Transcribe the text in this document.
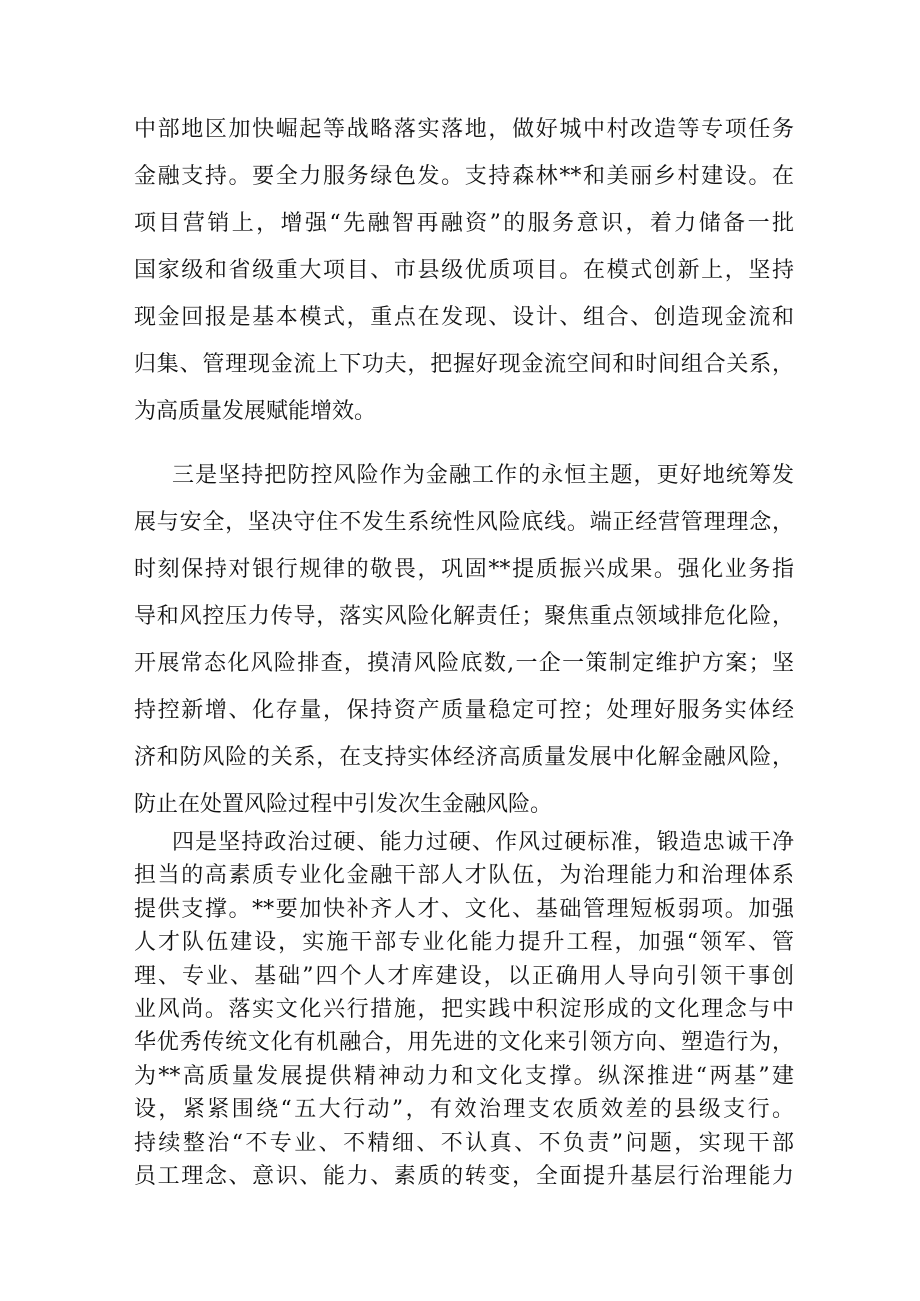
中部地区加快崛起等战略落实落地，做好城中村改造等专项任务
金融支持。要全力服务绿色发。支持森林**和美丽乡村建设。在
项目营销上，增强“先融智再融资”的服务意识，着力储备一批
国家级和省级重大项目、市县级优质项目。在模式创新上，坚持
现金回报是基本模式，重点在发现、设计、组合、创造现金流和
归集、管理现金流上下功夫，把握好现金流空间和时间组合关系，
为高质量发展赋能增效。
三是坚持把防控风险作为金融工作的永恒主题，更好地统筹发
展与安全，坚决守住不发生系统性风险底线。端正经营管理理念，
时刻保持对银行规律的敬畏，巩固**提质振兴成果。强化业务指
导和风控压力传导，落实风险化解责任；聚焦重点领域排危化险，
开展常态化风险排查，摸清风险底数,一企一策制定维护方案；坚
持控新增、化存量，保持资产质量稳定可控；处理好服务实体经
济和防风险的关系，在支持实体经济高质量发展中化解金融风险，
防止在处置风险过程中引发次生金融风险。
四是坚持政治过硬、能力过硬、作风过硬标准，锻造忠诚干净
担当的高素质专业化金融干部人才队伍，为治理能力和治理体系
提供支撑。**要加快补齐人才、文化、基础管理短板弱项。加强
人才队伍建设，实施干部专业化能力提升工程，加强“领军、管
理、专业、基础”四个人才库建设，以正确用人导向引领干事创
业风尚。落实文化兴行措施，把实践中积淀形成的文化理念与中
华优秀传统文化有机融合，用先进的文化来引领方向、塑造行为，
为**高质量发展提供精神动力和文化支撑。纵深推进“两基”建
设，紧紧围绕“五大行动”，有效治理支农质效差的县级支行。
持续整治“不专业、不精细、不认真、不负责”问题，实现干部
员工理念、意识、能力、素质的转变，全面提升基层行治理能力
